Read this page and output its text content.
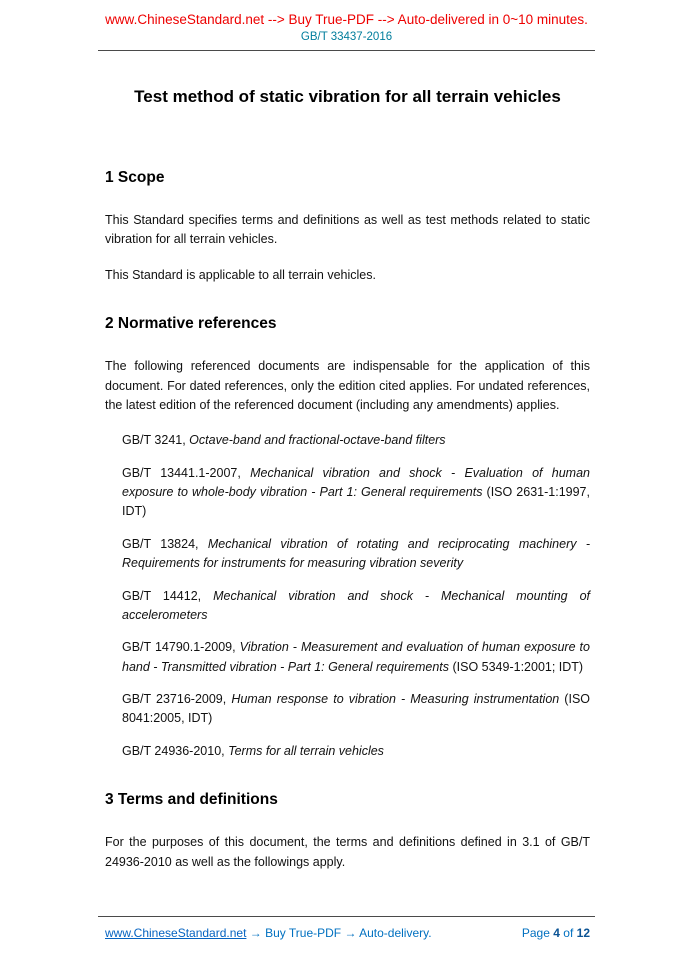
www.ChineseStandard.net --> Buy True-PDF --> Auto-delivered in 0~10 minutes.
GB/T 33437-2016
Test method of static vibration for all terrain vehicles
1 Scope

This Standard specifies terms and definitions as well as test methods related to static vibration for all terrain vehicles.

This Standard is applicable to all terrain vehicles.

2 Normative references

The following referenced documents are indispensable for the application of this document. For dated references, only the edition cited applies. For undated references, the latest edition of the referenced document (including any amendments) applies.

GB/T 3241, Octave-band and fractional-octave-band filters

GB/T 13441.1-2007, Mechanical vibration and shock - Evaluation of human exposure to whole-body vibration - Part 1: General requirements (ISO 2631-1:1997, IDT)

GB/T 13824, Mechanical vibration of rotating and reciprocating machinery - Requirements for instruments for measuring vibration severity

GB/T 14412, Mechanical vibration and shock - Mechanical mounting of accelerometers

GB/T 14790.1-2009, Vibration - Measurement and evaluation of human exposure to hand - Transmitted vibration - Part 1: General requirements (ISO 5349-1:2001; IDT)

GB/T 23716-2009, Human response to vibration - Measuring instrumentation (ISO 8041:2005, IDT)

GB/T 24936-2010, Terms for all terrain vehicles

3 Terms and definitions

For the purposes of this document, the terms and definitions defined in 3.1 of GB/T 24936-2010 as well as the followings apply.

www.ChineseStandard.net → Buy True-PDF → Auto-delivery.	Page 4 of 12
